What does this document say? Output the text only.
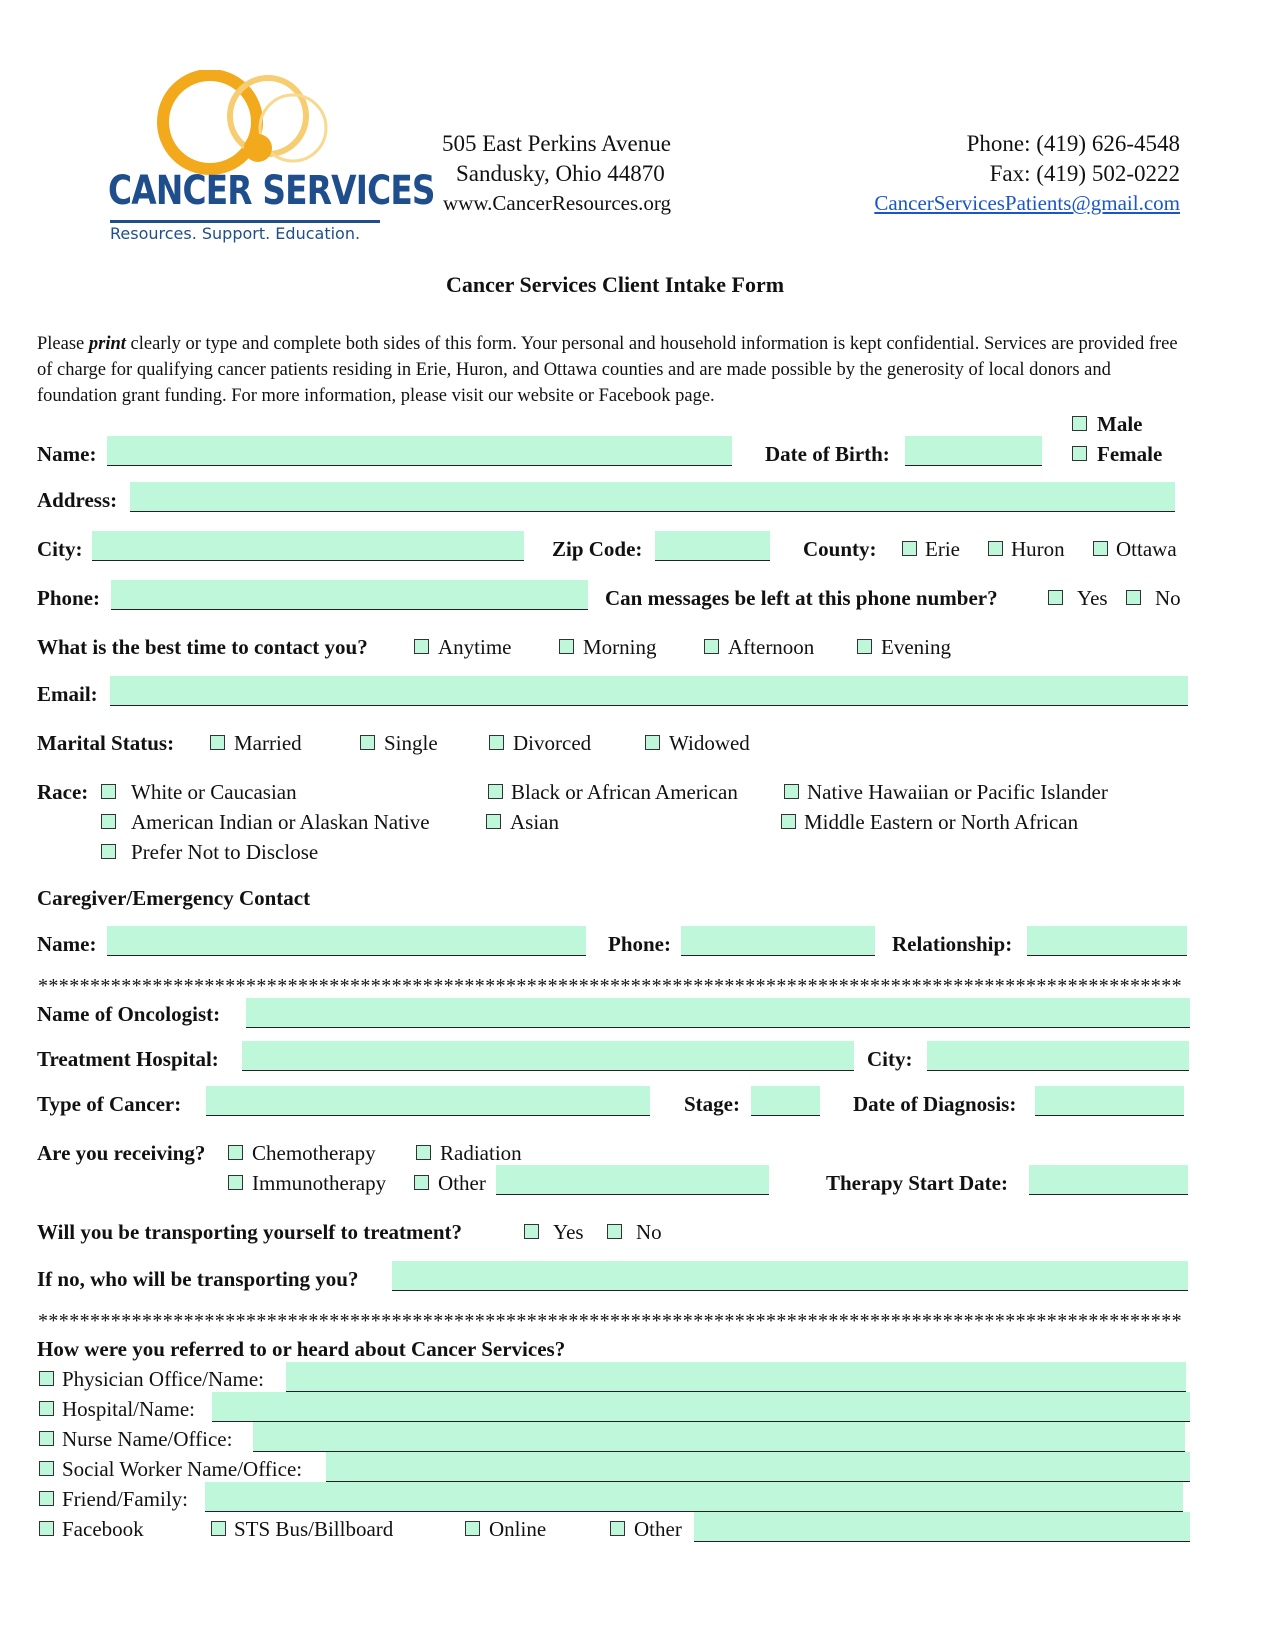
CANCER SERVICES
Resources. Support. Education.
505 East Perkins Avenue
Sandusky, Ohio 44870
www.CancerResources.org
Phone: (419) 626-4548
Fax: (419) 502-0222
CancerServicesPatients@gmail.com
Cancer Services Client Intake Form
Please print clearly or type and complete both sides of this form. Your personal and household information is kept confidential. Services are provided free of charge for qualifying cancer patients residing in Erie, Huron, and Ottawa counties and are made possible by the generosity of local donors and foundation grant funding. For more information, please visit our website or Facebook page.
Male
Female
Name:	Date of Birth:
Address:
City:	Zip Code:	County: Erie Huron Ottawa
Phone:	Can messages be left at this phone number?	Yes No
What is the best time to contact you?	Anytime	Morning	Afternoon	Evening
Email:
Marital Status:	Married	Single	Divorced	Widowed
Race: White or Caucasian	Black or African American	Native Hawaiian or Pacific Islander
American Indian or Alaskan Native	Asian	Middle Eastern or North African
Prefer Not to Disclose
Caregiver/Emergency Contact
Name:	Phone:	Relationship:
**************************************************************************************************************
Name of Oncologist:
Treatment Hospital:	City:
Type of Cancer:	Stage:	Date of Diagnosis:
Are you receiving? Chemotherapy	Radiation
Immunotherapy Other	Therapy Start Date:
Will you be transporting yourself to treatment?	Yes No
If no, who will be transporting you?
**************************************************************************************************************
How were you referred to or heard about Cancer Services?
Physician Office/Name:
Hospital/Name:
Nurse Name/Office:
Social Worker Name/Office:
Friend/Family:
Facebook	STS Bus/Billboard	Online	Other
